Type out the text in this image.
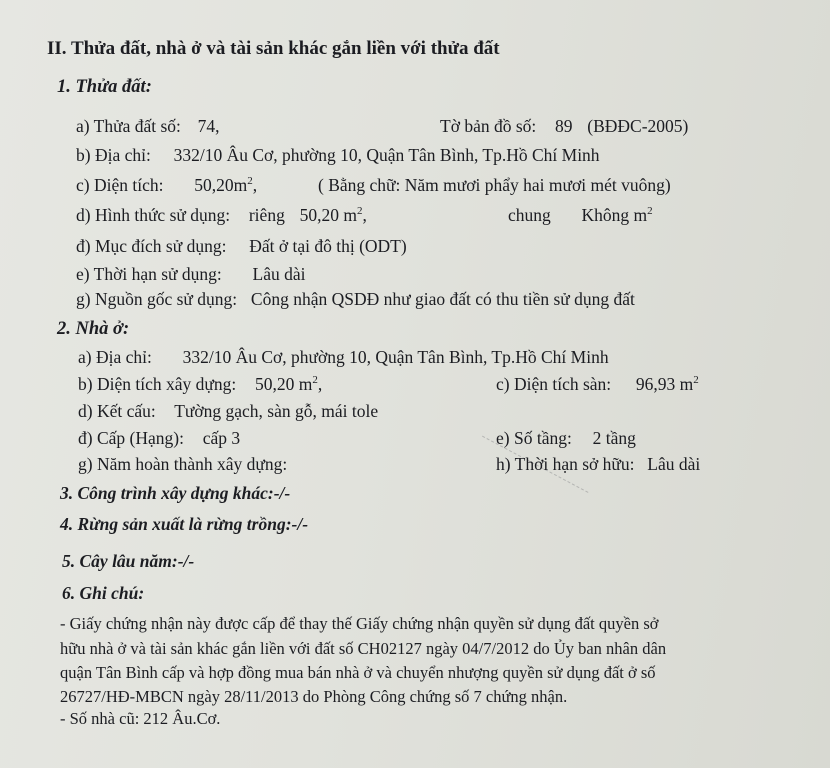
II. Thửa đất, nhà ở và tài sản khác gắn liền với thửa đất
1. Thửa đất:
a) Thửa đất số: 74,	Tờ bản đồ số: 89 (BĐĐC-2005)
b) Địa chỉ: 332/10 Âu Cơ, phường 10, Quận Tân Bình, Tp.Hồ Chí Minh
c) Diện tích: $50,20m^2$,	( Bằng chữ: Năm mươi phẩy hai mươi mét vuông)
d) Hình thức sử dụng: riêng 50,20 $m^2$,	chung Không $m^2$
đ) Mục đích sử dụng: Đất ở tại đô thị (ODT)
e) Thời hạn sử dụng: Lâu dài
g) Nguồn gốc sử dụng: Công nhận QSDĐ như giao đất có thu tiền sử dụng đất
2. Nhà ở:
a) Địa chỉ: 332/10 Âu Cơ, phường 10, Quận Tân Bình, Tp.Hồ Chí Minh
b) Diện tích xây dựng: 50,20 $m^2$,	c) Diện tích sàn: 96,93 $m^2$
d) Kết cấu: Tường gạch, sàn gỗ, mái tole
đ) Cấp (Hạng): cấp 3	e) Số tầng: 2 tầng
g) Năm hoàn thành xây dựng:	h) Thời hạn sở hữu: Lâu dài
3. Công trình xây dựng khác:-/-
4. Rừng sản xuất là rừng trồng:-/-
5. Cây lâu năm:-/-
6. Ghi chú:
- Giấy chứng nhận này được cấp để thay thế Giấy chứng nhận quyền sử dụng đất quyền sở
hữu nhà ở và tài sản khác gắn liền với đất số CH02127 ngày 04/7/2012 do Ủy ban nhân dân
quận Tân Bình cấp và hợp đồng mua bán nhà ở và chuyển nhượng quyền sử dụng đất ở số
26727/HĐ-MBCN ngày 28/11/2013 do Phòng Công chứng số 7 chứng nhận.
- Số nhà cũ: 212 Âu.Cơ.
